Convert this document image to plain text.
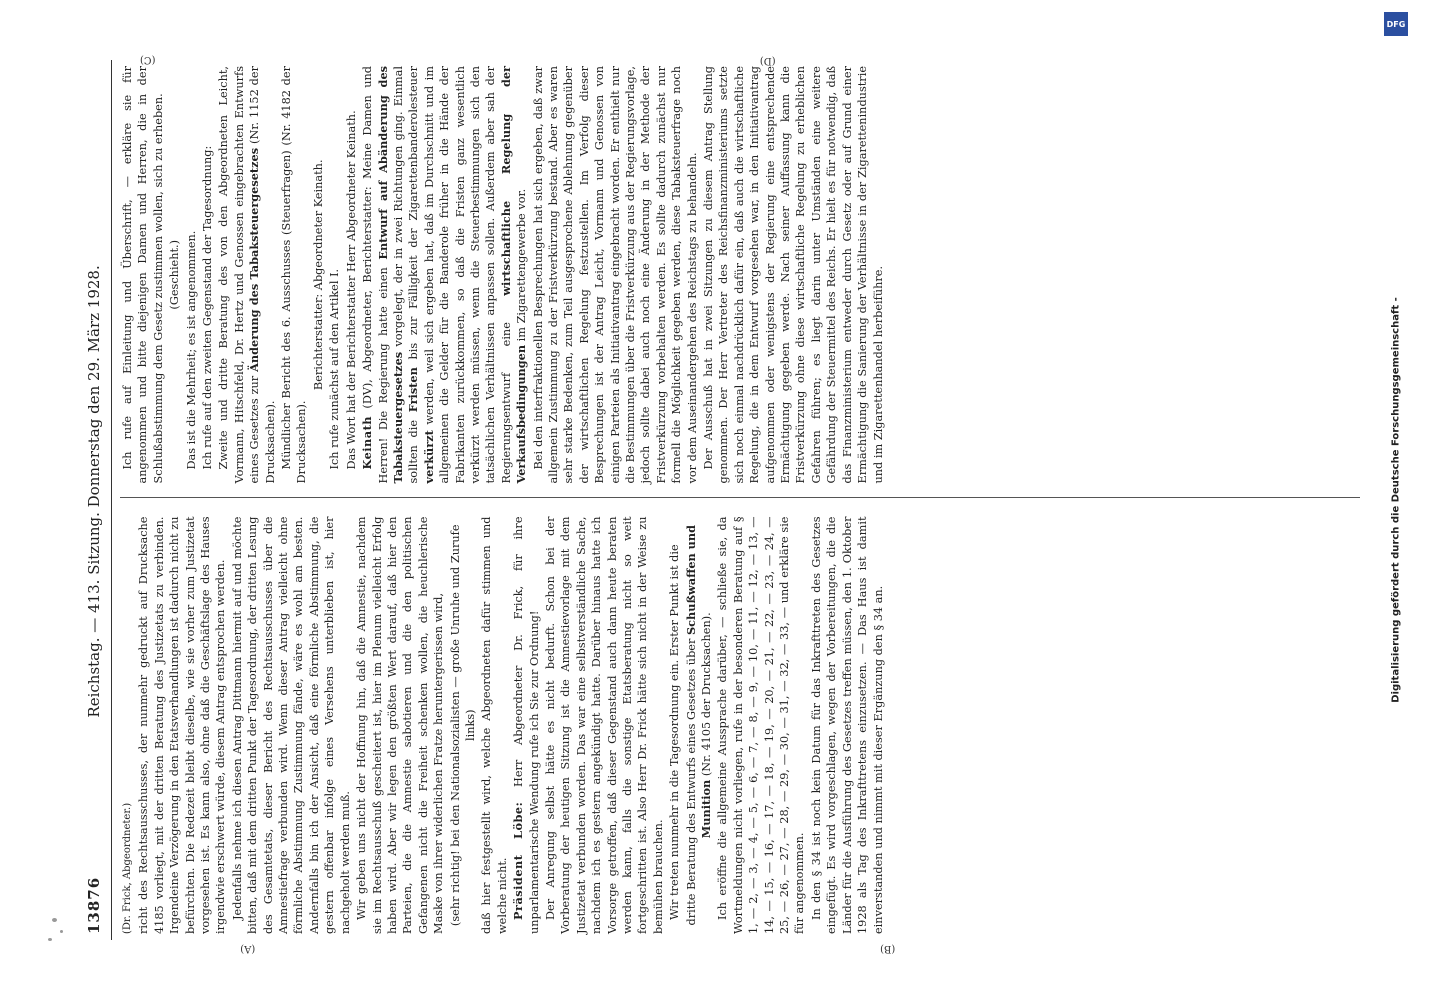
13876
Reichstag. — 413. Sitzung. Donnerstag den 29. März 1928.
(A)	(B)

(Dr. Frick, Abgeordneter.) richt des Rechtsausschusses, der nunmehr gedruckt auf Drucksache 4185 vorliegt, mit der dritten Beratung des Justizetats zu verbinden. Irgendeine Verzögerung in den Etatsverhandlungen ist dadurch nicht zu befürchten. Die Redezeit bleibt dieselbe, wie sie vorher zum Justizetat vorgesehen ist. Es kann also, ohne daß die Geschäftslage des Hauses irgendwie erschwert würde, diesem Antrag entsprochen werden. Jedenfalls nehme ich diesen Antrag Dittmann hiermit auf und möchte bitten, daß mit dem dritten Punkt der Tagesordnung, der dritten Lesung des Gesamtetats, dieser Bericht des Rechtsausschusses über die Amnestiefrage verbunden wird. Wenn dieser Antrag vielleicht ohne förmliche Abstimmung Zustimmung fände, wäre es wohl am besten. Andernfalls bin ich der Ansicht, daß eine förmliche Abstimmung, die gestern offenbar infolge eines Versehens unterblieben ist, hier nachgeholt werden muß. Wir geben uns nicht der Hoffnung hin, daß die Amnestie, nachdem sie im Rechtsausschuß gescheitert ist, hier im Plenum vielleicht Erfolg haben wird. Aber wir legen den größten Wert darauf, daß hier den Parteien, die die Amnestie sabotieren und die den politischen Gefangenen nicht die Freiheit schenken wollen, die heuchlerische Maske von ihrer widerlichen Fratze heruntergerissen wird, (sehr richtig! bei den Nationalsozialisten — große Unruhe und Zurufe links) daß hier festgestellt wird, welche Abgeordneten dafür stimmen und welche nicht. Präsident Löbe: Herr Abgeordneter Dr. Frick, für ihre unparlamentarische Wendung rufe ich Sie zur Ordnung! Der Anregung selbst hätte es nicht bedurft. Schon bei der Vorberatung der heutigen Sitzung ist die Amnestievorlage mit dem Justizetat verbunden worden. Das war eine selbstverständliche Sache, nachdem ich es gestern angekündigt hatte. Darüber hinaus hatte ich Vorsorge getroffen, daß dieser Gegenstand auch dann heute beraten werden kann, falls die sonstige Etatsberatung nicht so weit fortgeschritten ist. Also Herr Dr. Frick hätte sich nicht in der Weise zu bemühen brauchen. Wir treten nunmehr in die Tagesordnung ein. Erster Punkt ist die dritte Beratung des Entwurfs eines Gesetzes über Schußwaffen und Munition (Nr. 4105 der Drucksachen). Ich eröffne die allgemeine Aussprache darüber, — schließe sie, da Wortmeldungen nicht vorliegen, rufe in der besonderen Beratung auf § 1, — 2, — 3, — 4, — 5, — 6, — 7, — 8, — 9, — 10, — 11, — 12, — 13, — 14, — 15, — 16, — 17, — 18, — 19, — 20, — 21, — 22, — 23, — 24, — 25, — 26, — 27, — 28, — 29, — 30, — 31, — 32, — 33, — und erkläre sie für angenommen. In den § 34 ist noch kein Datum für das Inkrafttreten des Gesetzes eingefügt. Es wird vorgeschlagen, wegen der Vorbereitungen, die die Länder für die Ausführung des Gesetzes treffen müssen, den 1. Oktober 1928 als Tag des Inkrafttretens einzusetzen. — Das Haus ist damit einverstanden und nimmt mit dieser Ergänzung den § 34 an.

(C)	(D)

Ich rufe auf Einleitung und Überschrift, — erkläre sie für angenommen und bitte diejenigen Damen und Herren, die in der Schlußabstimmung dem Gesetz zustimmen wollen, sich zu erheben. (Geschieht.) Das ist die Mehrheit; es ist angenommen. Ich rufe auf den zweiten Gegenstand der Tagesordnung: Zweite und dritte Beratung des von den Abgeordneten Leicht, Vormann, Hitschfeld, Dr. Hertz und Genossen eingebrachten Entwurfs eines Gesetzes zur Änderung des Tabaksteuergesetzes (Nr. 1152 der Drucksachen). Mündlicher Bericht des 6. Ausschusses (Steuerfragen) (Nr. 4182 der Drucksachen).

Berichterstatter: Abgeordneter Keinath. Ich rufe zunächst auf den Artikel I. Das Wort hat der Berichterstatter Herr Abgeordneter Keinath. Keinath (DV), Abgeordneter, Berichterstatter: Meine Damen und Herren! Die Regierung hatte einen Entwurf auf Abänderung des Tabaksteuergesetzes vorgelegt, der in zwei Richtungen ging. Einmal sollten die Fristen bis zur Fälligkeit der Zigarettenbanderolesteuer verkürzt werden, weil sich ergeben hat, daß im Durchschnitt und im allgemeinen die Gelder für die Banderole früher in die Hände der Fabrikanten zurückkommen, so daß die Fristen ganz wesentlich verkürzt werden müssen, wenn die Steuerbestimmungen sich den tatsächlichen Verhältnissen anpassen sollen. Außerdem aber sah der Regierungsentwurf eine wirtschaftliche Regelung der Verkaufsbedingungen im Zigarettengewerbe vor. Bei den interfraktionellen Besprechungen hat sich ergeben, daß zwar allgemein Zustimmung zu der Fristverkürzung bestand. Aber es waren sehr starke Bedenken, zum Teil ausgesprochene Ablehnung gegenüber der wirtschaftlichen Regelung festzustellen. Im Verfolg dieser Besprechungen ist der Antrag Leicht, Vormann und Genossen von einigen Parteien als Initiativantrag eingebracht worden. Er enthielt nur die Bestimmungen über die Fristverkürzung aus der Regierungsvorlage, jedoch sollte dabei auch noch eine Änderung in der Methode der Fristverkürzung vorbehalten werden. Es sollte dadurch zunächst nur formell die Möglichkeit gegeben werden, diese Tabaksteuerfrage noch vor dem Auseinandergehen des Reichstags zu behandeln. Der Ausschuß hat in zwei Sitzungen zu diesem Antrag Stellung genommen. Der Herr Vertreter des Reichsfinanzministeriums setzte sich noch einmal nachdrücklich dafür ein, daß auch die wirtschaftliche Regelung, die in dem Entwurf vorgesehen war, in den Initiativantrag aufgenommen oder wenigstens der Regierung eine entsprechende Ermächtigung gegeben werde. Nach seiner Auffassung kann die Fristverkürzung ohne diese wirtschaftliche Regelung zu erheblichen Gefahren führen; es liegt darin unter Umständen eine weitere Gefährdung der Steuermittel des Reichs. Er hielt es für notwendig, daß das Finanzministerium entweder durch Gesetz oder auf Grund einer Ermächtigung die Sanierung der Verhältnisse in der Zigarettenindustrie und im Zigarettenhandel herbeiführe.

DFG
Digitalisierung gefördert durch die Deutsche Forschungsgemeinschaft -
